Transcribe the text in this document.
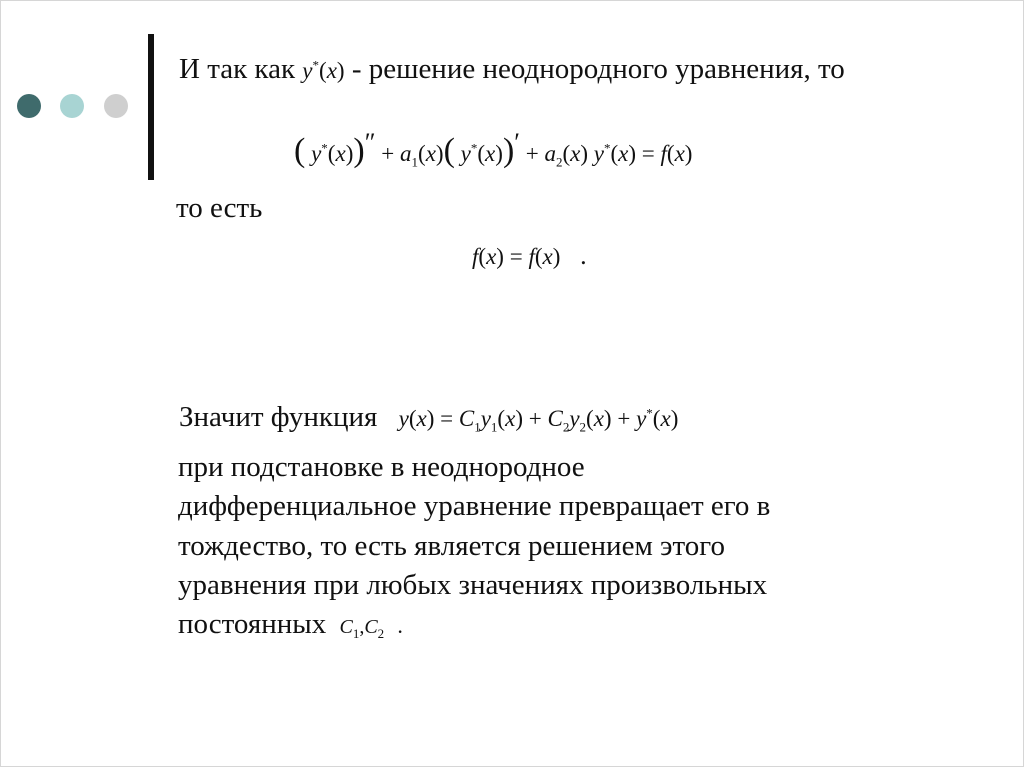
И так как y*(x) - решение неоднородного уравнения, то
( $y^*(x))'' + a_1(x)$( $y^*(x))' + a_2(x) y^*(x) = f(x)$
то есть
f(x) = f(x) .
Значит функция $y(x) = C_1y_1(x) + C_2y_2(x) + y^*(x)$
при подстановке в неоднородное
дифференциальное уравнение превращает его в
тождество, то есть является решением этого
уравнения при любых значениях произвольных
постоянных $C_1,C_2$ .
